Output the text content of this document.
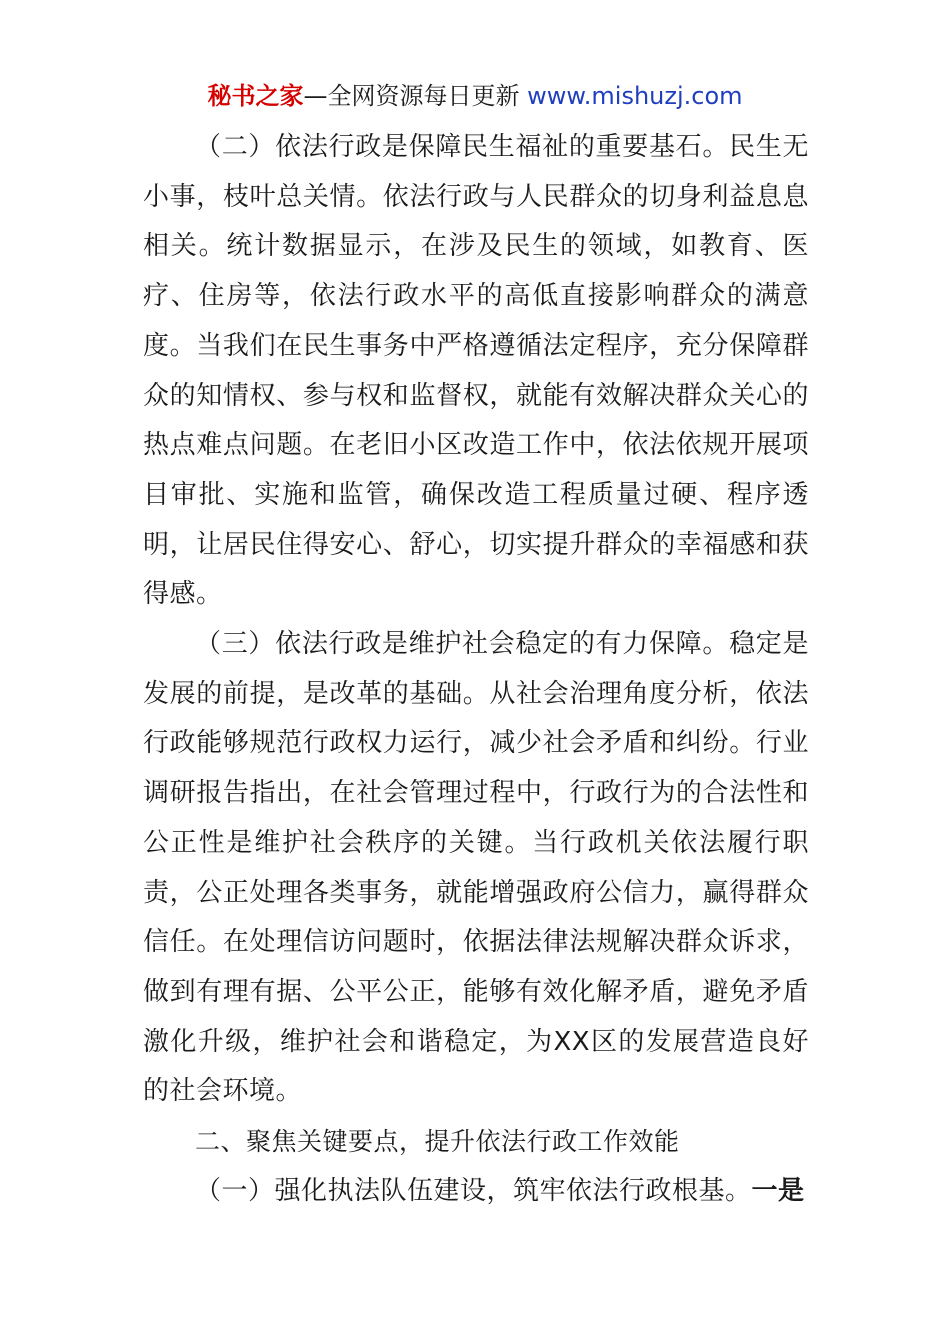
秘书之家—全网资源每日更新 www.mishuzj.com

（二）依法行政是保障民生福祉的重要基石。民生无小事，枝叶总关情。依法行政与人民群众的切身利益息息相关。统计数据显示，在涉及民生的领域，如教育、医疗、住房等，依法行政水平的高低直接影响群众的满意度。当我们在民生事务中严格遵循法定程序，充分保障群众的知情权、参与权和监督权，就能有效解决群众关心的热点难点问题。在老旧小区改造工作中，依法依规开展项目审批、实施和监管，确保改造工程质量过硬、程序透明，让居民住得安心、舒心，切实提升群众的幸福感和获得感。

（三）依法行政是维护社会稳定的有力保障。稳定是发展的前提，是改革的基础。从社会治理角度分析，依法行政能够规范行政权力运行，减少社会矛盾和纠纷。行业调研报告指出，在社会管理过程中，行政行为的合法性和公正性是维护社会秩序的关键。当行政机关依法履行职责，公正处理各类事务，就能增强政府公信力，赢得群众信任。在处理信访问题时，依据法律法规解决群众诉求，做到有理有据、公平公正，能够有效化解矛盾，避免矛盾激化升级，维护社会和谐稳定，为XX区的发展营造良好的社会环境。

二、聚焦关键要点，提升依法行政工作效能

（一）强化执法队伍建设，筑牢依法行政根基。一是
